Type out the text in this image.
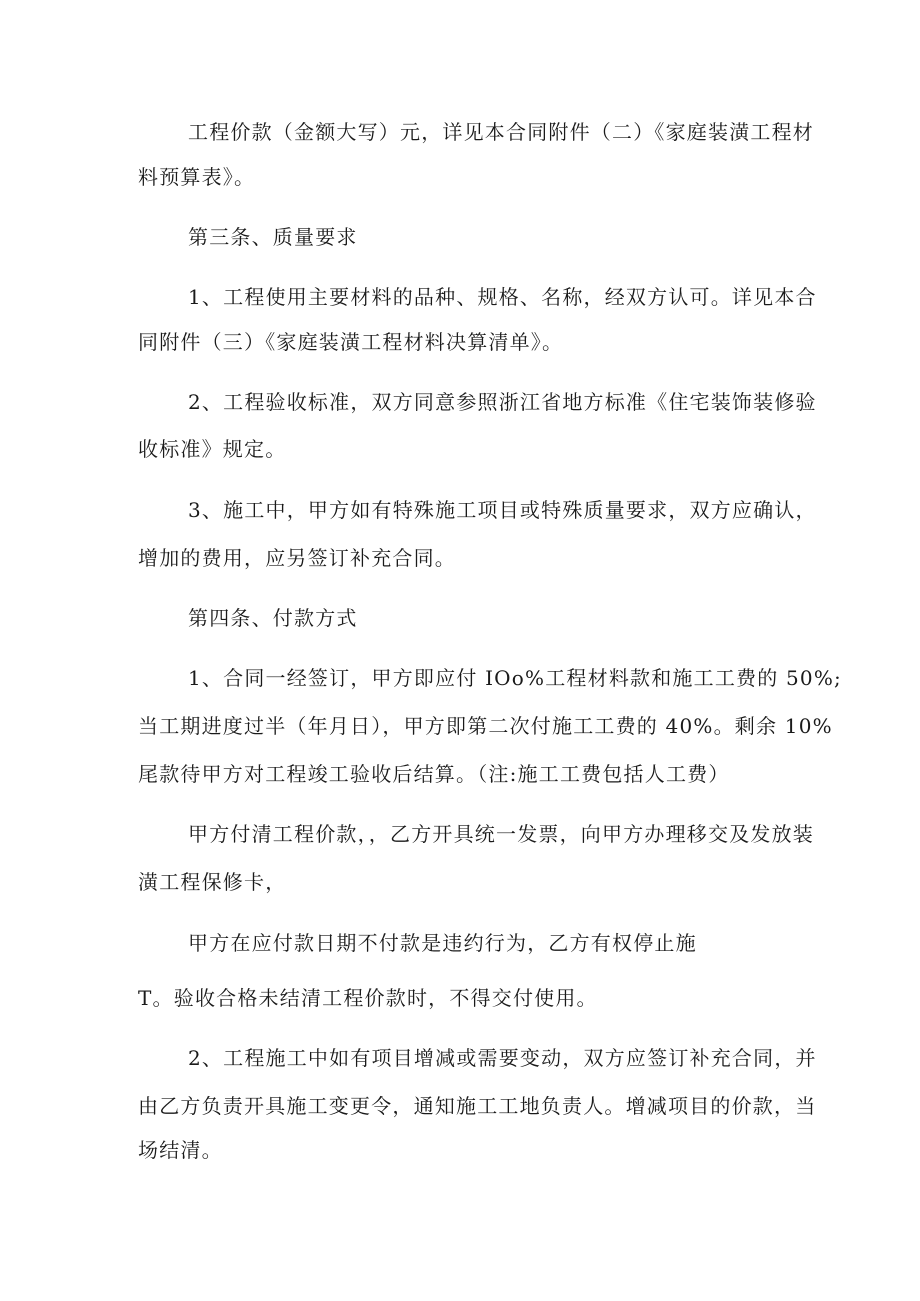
工程价款（金额大写）元，详见本合同附件（二）《家庭装潢工程材
料预算表》。
第三条、质量要求
1、工程使用主要材料的品种、规格、名称，经双方认可。详见本合
同附件（三）《家庭装潢工程材料决算清单》。
2、工程验收标准，双方同意参照浙江省地方标准《住宅装饰装修验
收标准》规定。
3、施工中，甲方如有特殊施工项目或特殊质量要求，双方应确认，
增加的费用，应另签订补充合同。
第四条、付款方式
1、合同一经签订，甲方即应付 IOo%工程材料款和施工工费的 50%;
当工期进度过半（年月日），甲方即第二次付施工工费的 40%。剩余 10%
尾款待甲方对工程竣工验收后结算。（注:施工工费包括人工费）
甲方付清工程价款，，乙方开具统一发票，向甲方办理移交及发放装
潢工程保修卡，
甲方在应付款日期不付款是违约行为，乙方有权停止施
T。验收合格未结清工程价款时，不得交付使用。
2、工程施工中如有项目增减或需要变动，双方应签订补充合同，并
由乙方负责开具施工变更令，通知施工工地负责人。增减项目的价款，当
场结清。
